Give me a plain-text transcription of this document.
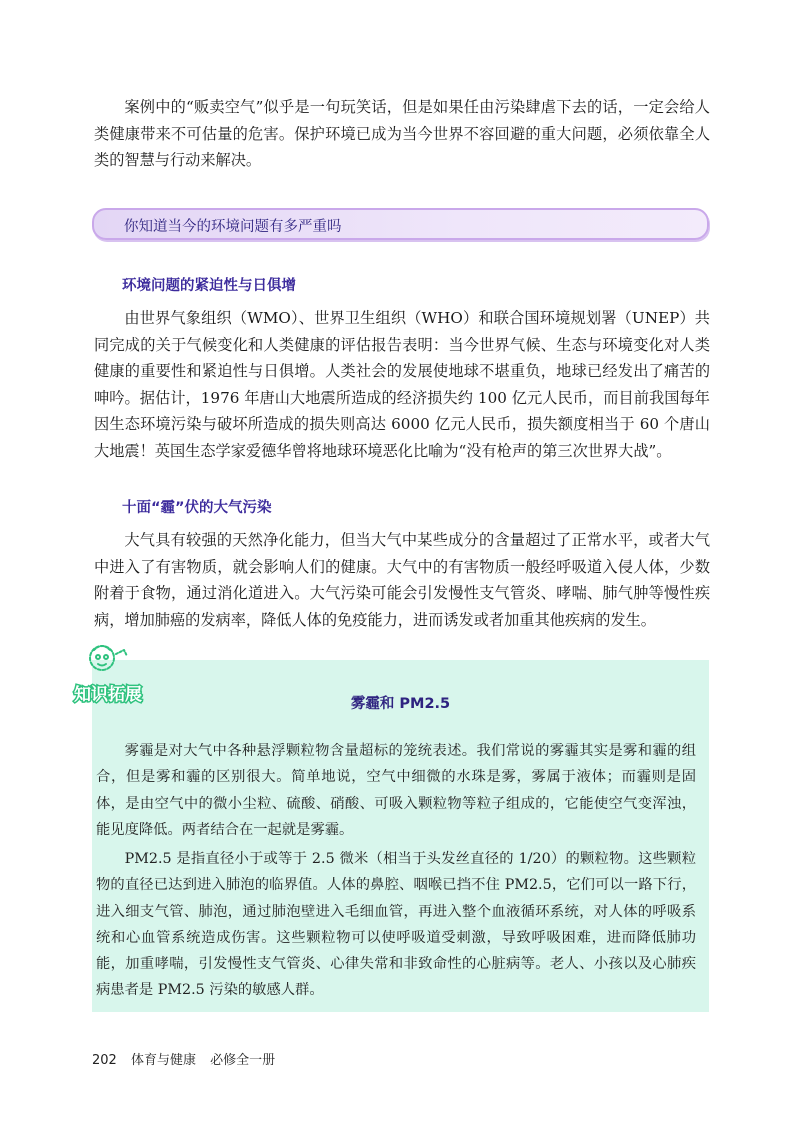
案例中的“贩卖空气”似乎是一句玩笑话，但是如果任由污染肆虐下去的话，一定会给人类健康带来不可估量的危害。保护环境已成为当今世界不容回避的重大问题，必须依靠全人类的智慧与行动来解决。

你知道当今的环境问题有多严重吗
环境问题的紧迫性与日俱增

由世界气象组织（WMO）、世界卫生组织（WHO）和联合国环境规划署（UNEP）共同完成的关于气候变化和人类健康的评估报告表明：当今世界气候、生态与环境变化对人类健康的重要性和紧迫性与日俱增。人类社会的发展使地球不堪重负，地球已经发出了痛苦的呻吟。据估计，1976 年唐山大地震所造成的经济损失约 100 亿元人民币，而目前我国每年因生态环境污染与破坏所造成的损失则高达 6000 亿元人民币，损失额度相当于 60 个唐山大地震！英国生态学家爱德华曾将地球环境恶化比喻为“没有枪声的第三次世界大战”。

十面“霾”伏的大气污染

大气具有较强的天然净化能力，但当大气中某些成分的含量超过了正常水平，或者大气中进入了有害物质，就会影响人们的健康。大气中的有害物质一般经呼吸道入侵人体，少数附着于食物，通过消化道进入。大气污染可能会引发慢性支气管炎、哮喘、肺气肿等慢性疾病，增加肺癌的发病率，降低人体的免疫能力，进而诱发或者加重其他疾病的发生。

雾霾和 PM2.5

雾霾是对大气中各种悬浮颗粒物含量超标的笼统表述。我们常说的雾霾其实是雾和霾的组合，但是雾和霾的区别很大。简单地说，空气中细微的水珠是雾，雾属于液体；而霾则是固体，是由空气中的微小尘粒、硫酸、硝酸、可吸入颗粒物等粒子组成的，它能使空气变浑浊，能见度降低。两者结合在一起就是雾霾。

PM2.5 是指直径小于或等于 2.5 微米（相当于头发丝直径的 1/20）的颗粒物。这些颗粒物的直径已达到进入肺泡的临界值。人体的鼻腔、咽喉已挡不住 PM2.5，它们可以一路下行，进入细支气管、肺泡，通过肺泡壁进入毛细血管，再进入整个血液循环系统，对人体的呼吸系统和心血管系统造成伤害。这些颗粒物可以使呼吸道受刺激，导致呼吸困难，进而降低肺功能，加重哮喘，引发慢性支气管炎、心律失常和非致命性的心脏病等。老人、小孩以及心肺疾病患者是 PM2.5 污染的敏感人群。

知识拓展
202 体育与健康 必修全一册
